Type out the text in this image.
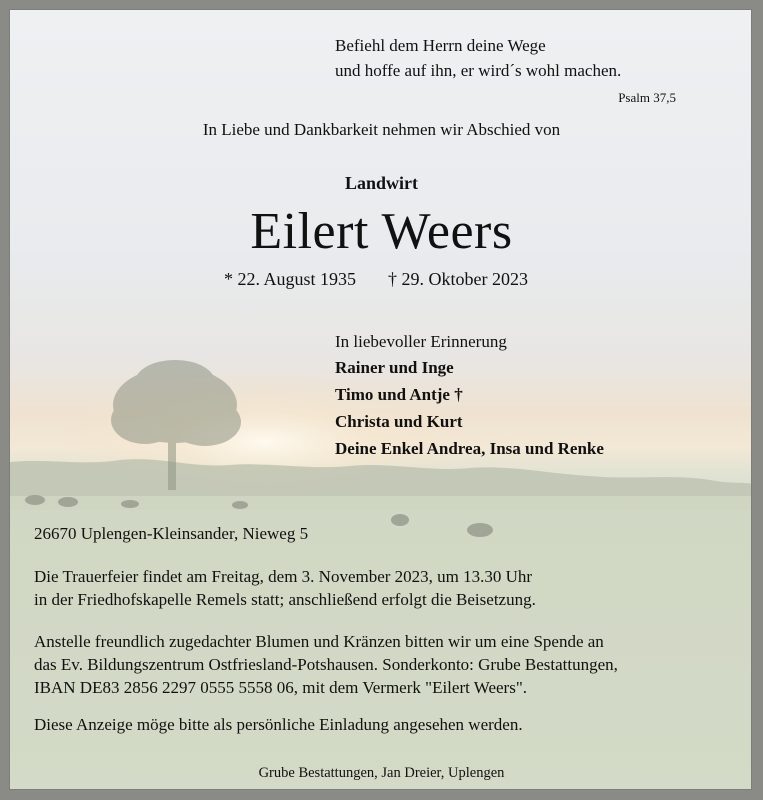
Befiehl dem Herrn deine Wege
und hoffe auf ihn, er wird´s wohl machen.
Psalm 37,5
In Liebe und Dankbarkeit nehmen wir Abschied von
Landwirt
Eilert Weers
* 22. August 1935 † 29. Oktober 2023
In liebevoller Erinnerung
Rainer und Inge
Timo und Antje †
Christa und Kurt
Deine Enkel Andrea, Insa und Renke
26670 Uplengen-Kleinsander, Nieweg 5
Die Trauerfeier findet am Freitag, dem 3. November 2023, um 13.30 Uhr
in der Friedhofskapelle Remels statt; anschließend erfolgt die Beisetzung.
Anstelle freundlich zugedachter Blumen und Kränzen bitten wir um eine Spende an
das Ev. Bildungszentrum Ostfriesland-Potshausen. Sonderkonto: Grube Bestattungen,
IBAN DE83 2856 2297 0555 5558 06, mit dem Vermerk "Eilert Weers".
Diese Anzeige möge bitte als persönliche Einladung angesehen werden.
Grube Bestattungen, Jan Dreier, Uplengen
